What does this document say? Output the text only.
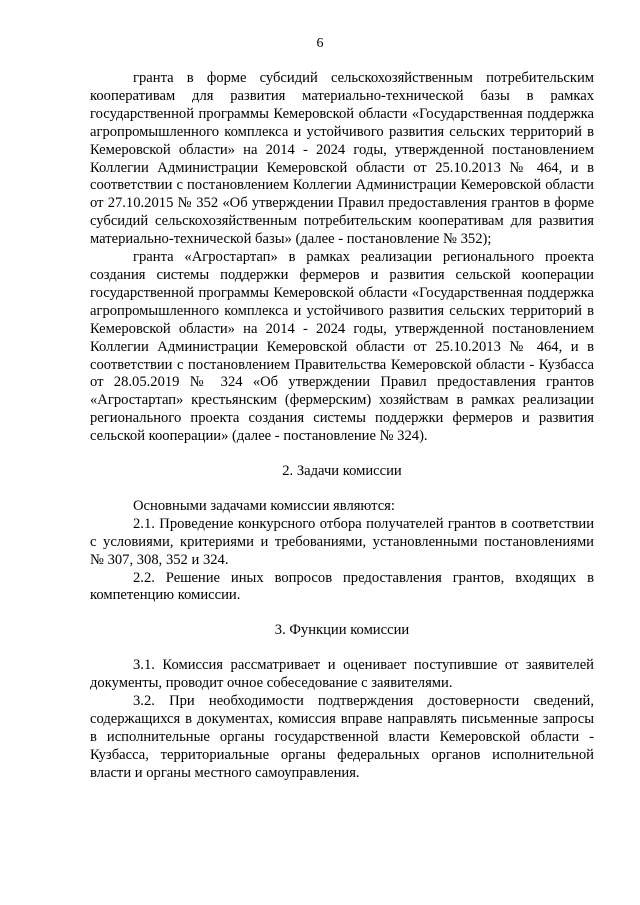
6

гранта в форме субсидий сельскохозяйственным потребительским кооперативам для развития материально-технической базы в рамках государственной программы Кемеровской области «Государственная поддержка агропромышленного комплекса и устойчивого развития сельских территорий в Кемеровской области» на 2014 - 2024 годы, утвержденной постановлением Коллегии Администрации Кемеровской области от 25.10.2013 № 464, и в соответствии с постановлением Коллегии Администрации Кемеровской области от 27.10.2015 № 352 «Об утверждении Правил предоставления грантов в форме субсидий сельскохозяйственным потребительским кооперативам для развития материально-технической базы» (далее - постановление № 352);

гранта «Агростартап» в рамках реализации регионального проекта создания системы поддержки фермеров и развития сельской кооперации государственной программы Кемеровской области «Государственная поддержка агропромышленного комплекса и устойчивого развития сельских территорий в Кемеровской области» на 2014 - 2024 годы, утвержденной постановлением Коллегии Администрации Кемеровской области от 25.10.2013 № 464, и в соответствии с постановлением Правительства Кемеровской области - Кузбасса от 28.05.2019 № 324 «Об утверждении Правил предоставления грантов «Агростартап» крестьянским (фермерским) хозяйствам в рамках реализации регионального проекта создания системы поддержки фермеров и развития сельской кооперации» (далее - постановление № 324).

2. Задачи комиссии

Основными задачами комиссии являются:

2.1. Проведение конкурсного отбора получателей грантов в соответствии с условиями, критериями и требованиями, установленными постановлениями № 307, 308, 352 и 324.

2.2. Решение иных вопросов предоставления грантов, входящих в компетенцию комиссии.

3. Функции комиссии

3.1. Комиссия рассматривает и оценивает поступившие от заявителей документы, проводит очное собеседование с заявителями.

3.2. При необходимости подтверждения достоверности сведений, содержащихся в документах, комиссия вправе направлять письменные запросы в исполнительные органы государственной власти Кемеровской области - Кузбасса, территориальные органы федеральных органов исполнительной власти и органы местного самоуправления.
